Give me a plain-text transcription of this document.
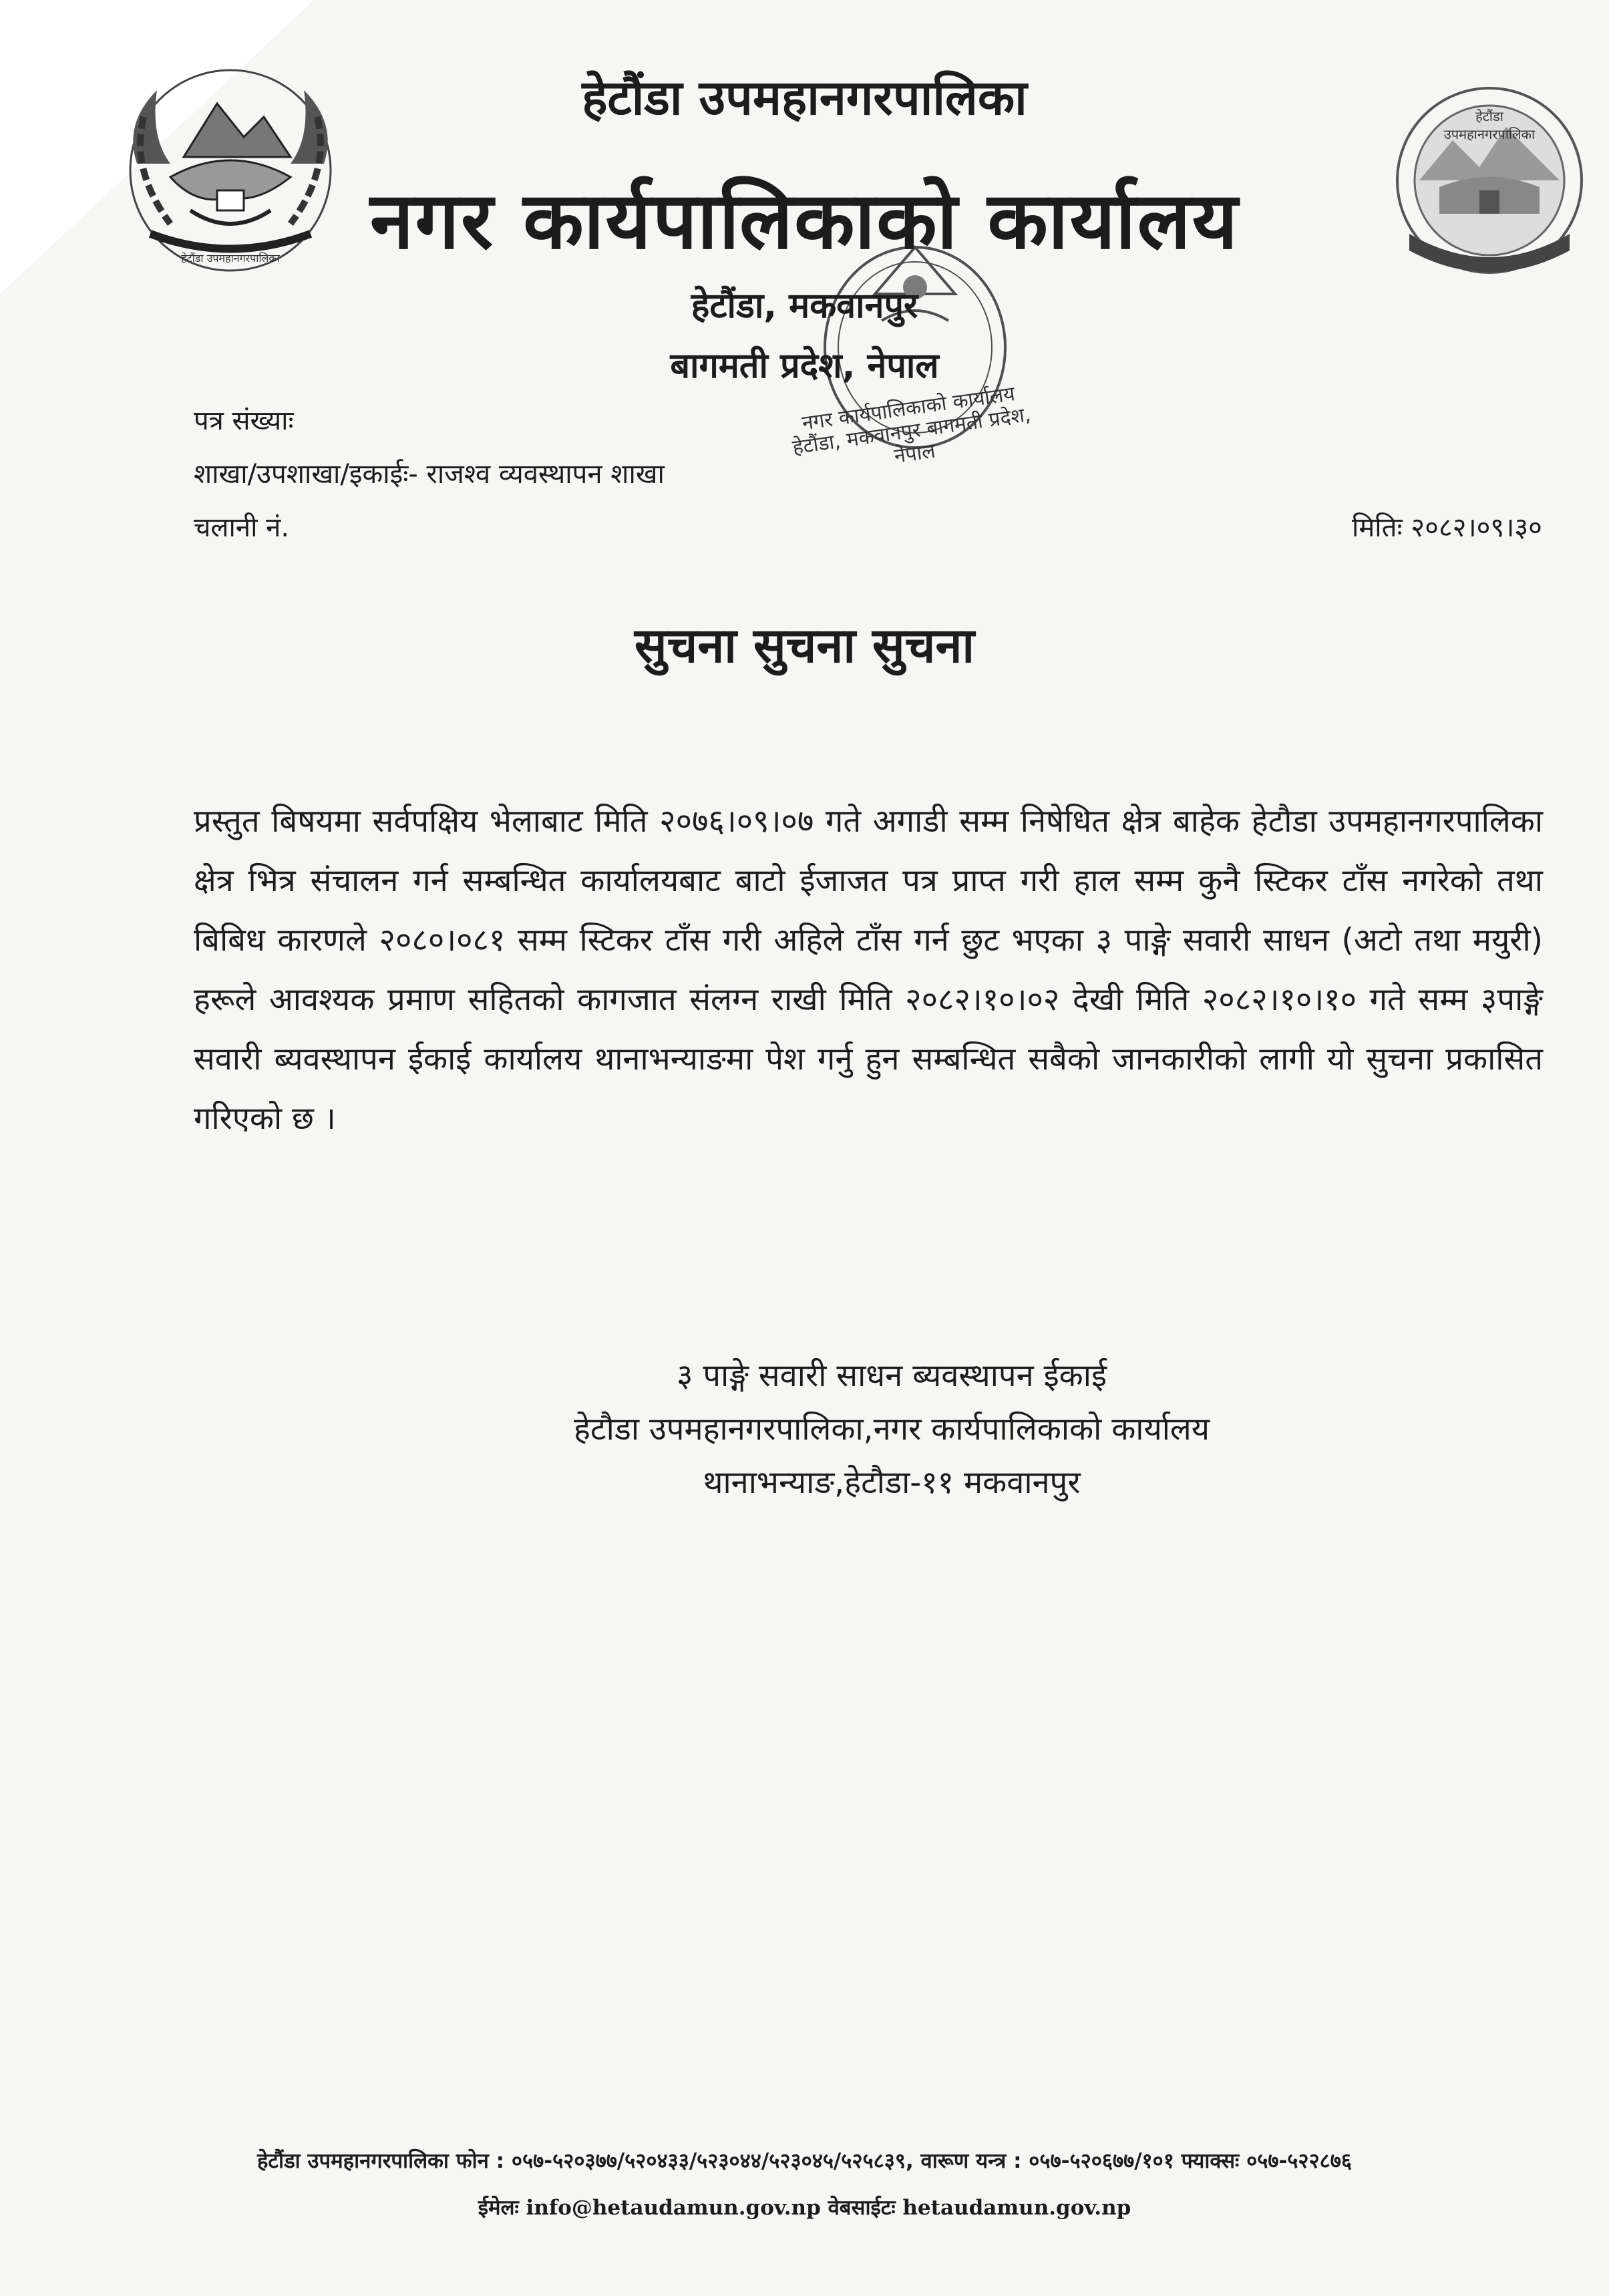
हेटौंडा उपमहानगरपालिका
हेटौंडा उपमहानगरपालिका
नगर कार्यपालिकाको कार्यालय हेटौंडा, मकवानपुर बागमती प्रदेश, नेपाल
हेटौंडा उपमहानगरपालिका
नगर कार्यपालिकाको कार्यालय
हेटौंडा, मकवानपुर
बागमती प्रदेश, नेपाल
पत्र संख्याः
शाखा/उपशाखा/इकाईः- राजश्व व्यवस्थापन शाखा
चलानी नं.	मितिः २०८२।०९।३०
सुचना सुचना सुचना
प्रस्तुत बिषयमा सर्वपक्षिय भेलाबाट मिति २०७६।०९।०७ गते अगाडी सम्म निषेधित क्षेत्र बाहेक हेटौडा उपमहानगरपालिका क्षेत्र भित्र संचालन गर्न सम्बन्धित कार्यालयबाट बाटो ईजाजत पत्र प्राप्त गरी हाल सम्म कुनै स्टिकर टाँस नगरेको तथा बिबिध कारणले २०८०।०८१ सम्म स्टिकर टाँस गरी अहिले टाँस गर्न छुट भएका ३ पाङ्गे सवारी साधन (अटो तथा मयुरी) हरूले आवश्यक प्रमाण सहितको कागजात संलग्न राखी मिति २०८२।१०।०२ देखी मिति २०८२।१०।१० गते सम्म ३पाङ्गे सवारी ब्यवस्थापन ईकाई कार्यालय थानाभन्याङमा पेश गर्नु हुन सम्बन्धित सबैको जानकारीको लागी यो सुचना प्रकासित गरिएको छ ।
३ पाङ्गे सवारी साधन ब्यवस्थापन ईकाई
हेटौडा उपमहानगरपालिका,नगर कार्यपालिकाको कार्यालय
थानाभन्याङ,हेटौडा-११ मकवानपुर
हेटौंडा उपमहानगरपालिका फोन : ०५७-५२०३७७/५२०४३३/५२३०४४/५२३०४५/५२५८३९, वारूण यन्त्र : ०५७-५२०६७७/१०१ फ्याक्सः ०५७-५२२८७६
ईमेलः info@hetaudamun.gov.np वेबसाईटः hetaudamun.gov.np
